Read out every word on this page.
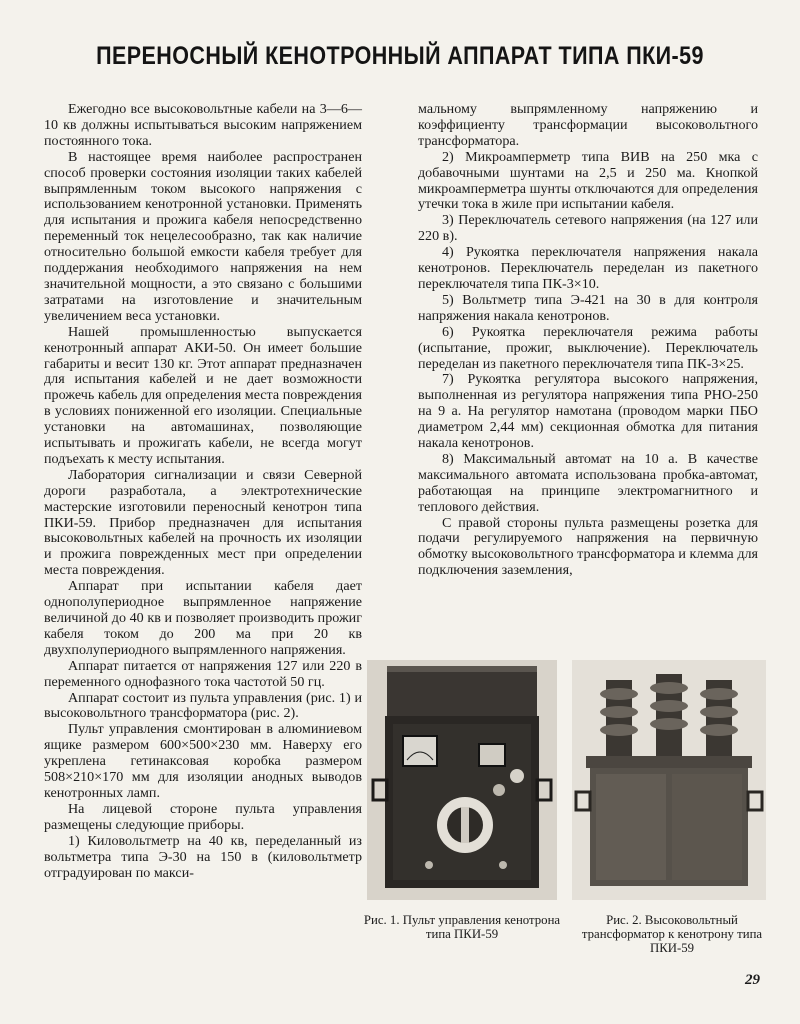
ПЕРЕНОСНЫЙ КЕНОТРОННЫЙ АППАРАТ ТИПА ПКИ-59

Ежегодно все высоковольтные кабели на 3—6—10 кв должны испытываться высоким напряжением постоянного тока.

В настоящее время наиболее распространен способ проверки состояния изоляции таких кабелей выпрямленным током высокого напряжения с использованием кенотронной установки. Применять для испытания и прожига кабеля непосредственно переменный ток нецелесообразно, так как наличие относительно большой емкости кабеля требует для поддержания необходимого напряжения на нем значительной мощности, а это связано с большими затратами на изготовление и значительным увеличением веса установки.

Нашей промышленностью выпускается кенотронный аппарат АКИ-50. Он имеет большие габариты и весит 130 кг. Этот аппарат предназначен для испытания кабелей и не дает возможности прожечь кабель для определения места повреждения в условиях пониженной его изоляции. Специальные установки на автомашинах, позволяющие испытывать и прожигать кабели, не всегда могут подъехать к месту испытания.

Лаборатория сигнализации и связи Северной дороги разработала, а электротехнические мастерские изготовили переносный кенотрон типа ПКИ-59. Прибор предназначен для испытания высоковольтных кабелей на прочность их изоляции и прожига поврежденных мест при определении места повреждения.

Аппарат при испытании кабеля дает однополупериодное выпрямленное напряжение величиной до 40 кв и позволяет производить прожиг кабеля током до 200 ма при 20 кв двухполупериодного выпрямленного напряжения.

Аппарат питается от напряжения 127 или 220 в переменного однофазного тока частотой 50 гц.

Аппарат состоит из пульта управления (рис. 1) и высоковольтного трансформатора (рис. 2).

Пульт управления смонтирован в алюминиевом ящике размером 600×500×230 мм. Наверху его укреплена гетинаксовая коробка размером 508×210×170 мм для изоляции анодных выводов кенотронных ламп.

На лицевой стороне пульта управления размещены следующие приборы.

1) Киловольтметр на 40 кв, переделанный из вольтметра типа Э-30 на 150 в (киловольтметр отградуирован по макси-

мальному выпрямленному напряжению и коэффициенту трансформации высоковольтного трансформатора.

2) Микроамперметр типа ВИВ на 250 мка с добавочными шунтами на 2,5 и 250 ма. Кнопкой микроамперметра шунты отключаются для определения утечки тока в жиле при испытании кабеля.

3) Переключатель сетевого напряжения (на 127 или 220 в).

4) Рукоятка переключателя напряжения накала кенотронов. Переключатель переделан из пакетного переключателя типа ПК-3×10.

5) Вольтметр типа Э-421 на 30 в для контроля напряжения накала кенотронов.

6) Рукоятка переключателя режима работы (испытание, прожиг, выключение). Переключатель переделан из пакетного переключателя типа ПК-3×25.

7) Рукоятка регулятора высокого напряжения, выполненная из регулятора напряжения типа РНО-250 на 9 а. На регулятор намотана (проводом марки ПБО диаметром 2,44 мм) секционная обмотка для питания накала кенотронов.

8) Максимальный автомат на 10 а. В качестве максимального автомата использована пробка-автомат, работающая на принципе электромагнитного и теплового действия.

С правой стороны пульта размещены розетка для подачи регулируемого напряжения на первичную обмотку высоковольтного трансформатора и клемма для подключения заземления,

Рис. 1. Пульт управления кенотрона типа ПКИ-59
Рис. 2. Высоковольтный трансформатор к кенотрону типа ПКИ-59
29
